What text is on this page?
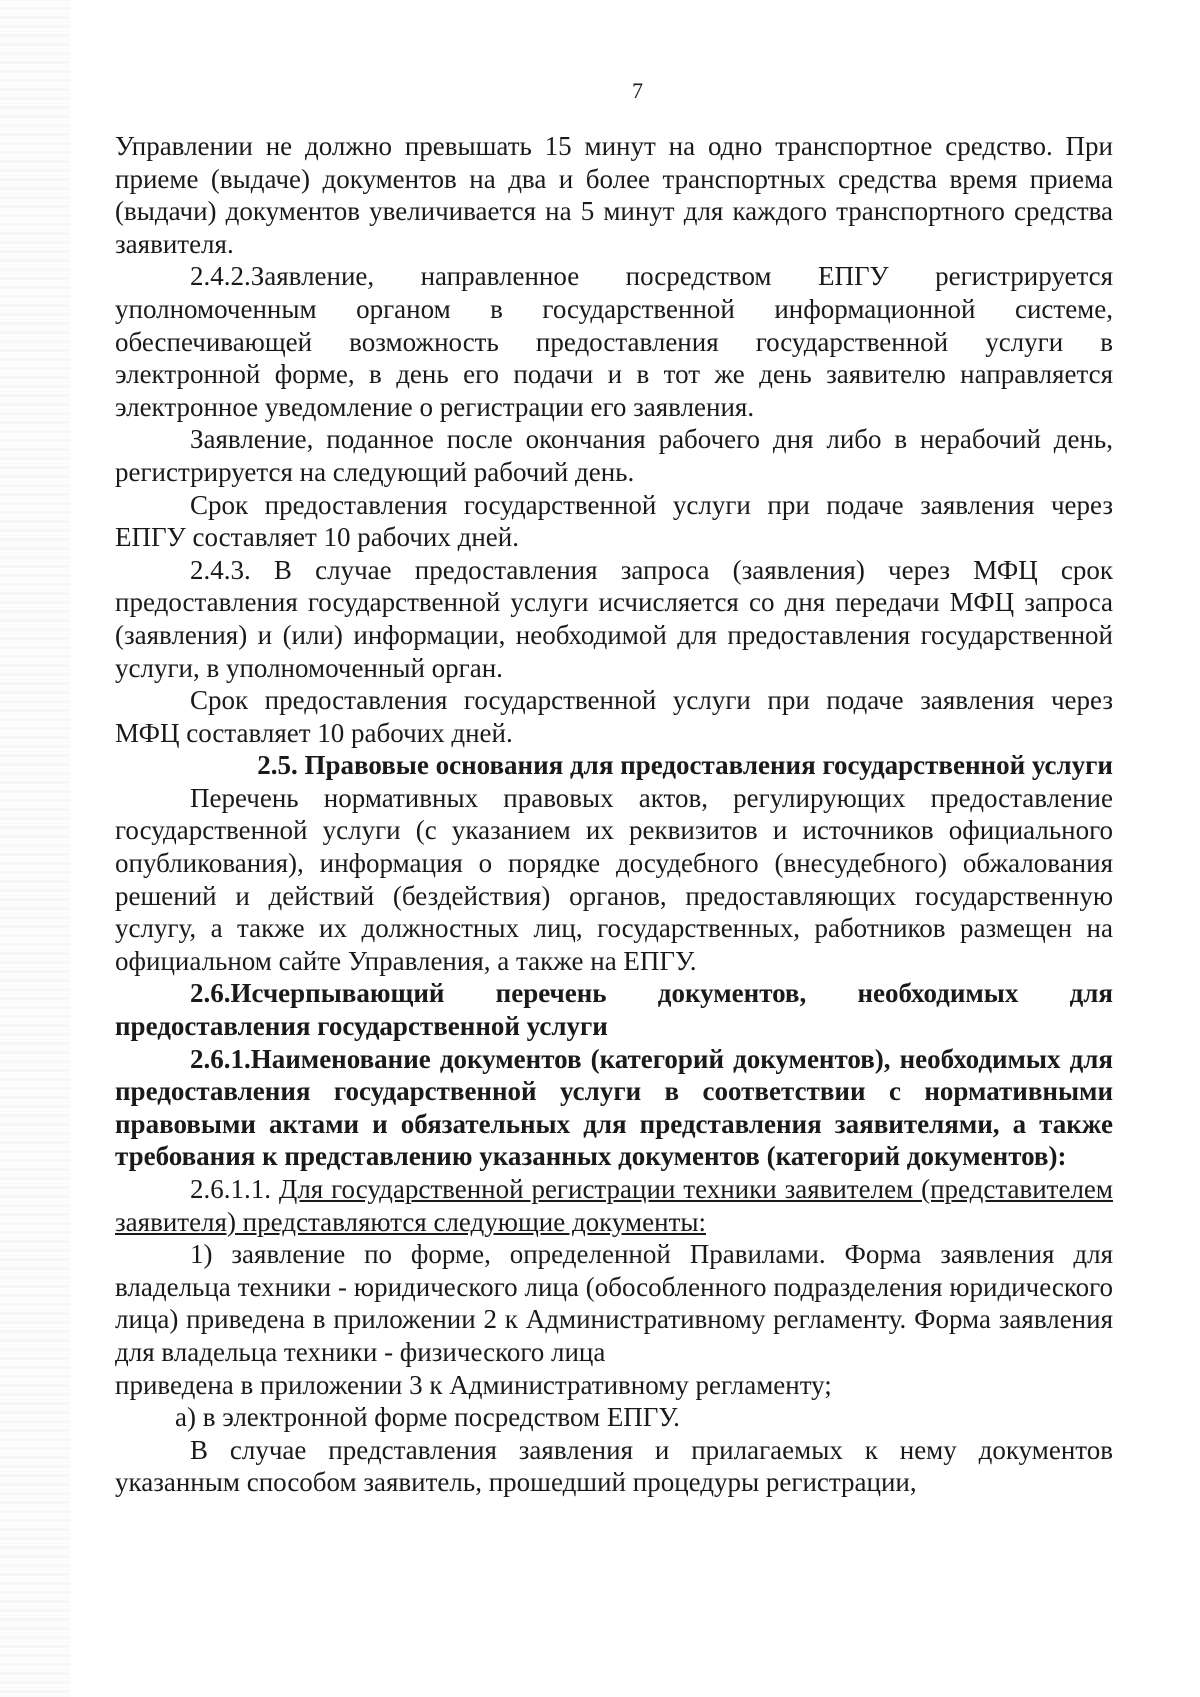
7

Управлении не должно превышать 15 минут на одно транспортное средство. При приеме (выдаче) документов на два и более транспортных средства время приема (выдачи) документов увеличивается на 5 минут для каждого транспортного средства заявителя.

2.4.2.Заявление, направленное посредством ЕПГУ регистрируется уполномоченным органом в государственной информационной системе, обеспечивающей возможность предоставления государственной услуги в электронной форме, в день его подачи и в тот же день заявителю направляется электронное уведомление о регистрации его заявления.

Заявление, поданное после окончания рабочего дня либо в нерабочий день, регистрируется на следующий рабочий день.

Срок предоставления государственной услуги при подаче заявления через ЕПГУ составляет 10 рабочих дней.

2.4.3. В случае предоставления запроса (заявления) через МФЦ срок предоставления государственной услуги исчисляется со дня передачи МФЦ запроса (заявления) и (или) информации, необходимой для предоставления государственной услуги, в уполномоченный орган.

Срок предоставления государственной услуги при подаче заявления через МФЦ составляет 10 рабочих дней.

2.5. Правовые основания для предоставления государственной услуги

Перечень нормативных правовых актов, регулирующих предоставление государственной услуги (с указанием их реквизитов и источников официального опубликования), информация о порядке досудебного (внесудебного) обжалования решений и действий (бездействия) органов, предоставляющих государственную услугу, а также их должностных лиц, государственных, работников размещен на официальном сайте Управления, а также на ЕПГУ.

2.6.Исчерпывающий перечень документов, необходимых для предоставления государственной услуги

2.6.1.Наименование документов (категорий документов), необходимых для предоставления государственной услуги в соответствии с нормативными правовыми актами и обязательных для представления заявителями, а также требования к представлению указанных документов (категорий документов):

2.6.1.1. Для государственной регистрации техники заявителем (представителем заявителя) представляются следующие документы:

1) заявление по форме, определенной Правилами. Форма заявления для владельца техники - юридического лица (обособленного подразделения юридического лица) приведена в приложении 2 к Административному регламенту. Форма заявления для владельца техники - физического лица

приведена в приложении 3 к Административному регламенту;

а) в электронной форме посредством ЕПГУ.

В случае представления заявления и прилагаемых к нему документов указанным способом заявитель, прошедший процедуры регистрации,
